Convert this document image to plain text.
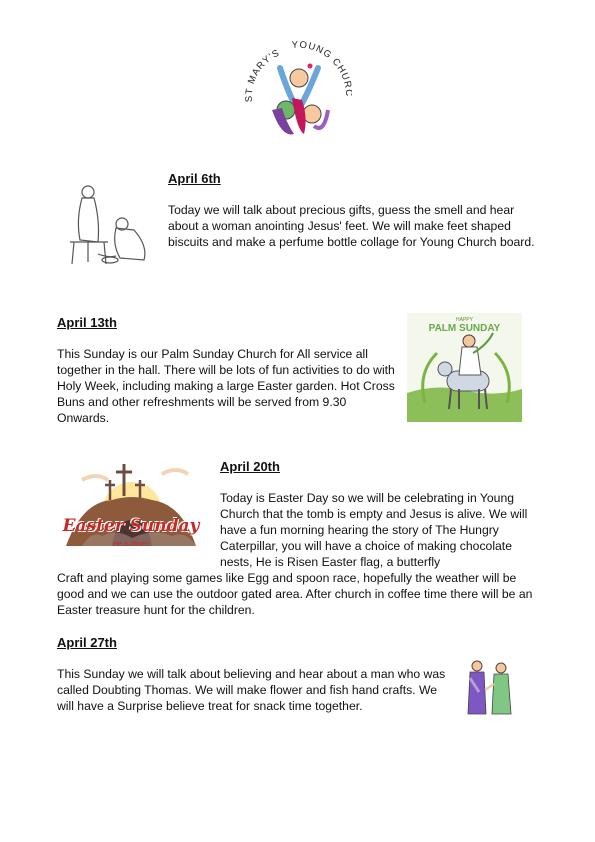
ST MARY'S
YOUNG CHU
April 6th
Today we will talk about precious gifts, guess the smell and hear about a woman anointing Jesus' feet. We will make feet shaped biscuits and make a perfume bottle collage for Young Church board.
April 13th
This Sunday is our Palm Sunday Church for All service all together in the hall. There will be lots of fun activities to do with Holy Week, including making a large Easter garden. Hot Cross Buns and other refreshments will be served from 9.30 Onwards.
HAPPY
PALM SUNDAY
Easter Sunday
He is Risen
April 20th
Today is Easter Day so we will be celebrating in Young Church that the tomb is empty and Jesus is alive. We will have a fun morning hearing the story of The Hungry Caterpillar, you will have a choice of making chocolate nests, He is Risen Easter flag, a butterfly
Craft and playing some games like Egg and spoon race, hopefully the weather will be good and we can use the outdoor gated area. After church in coffee time there will be an Easter treasure hunt for the children.
April 27th
This Sunday we will talk about believing and hear about a man who was called Doubting Thomas. We will make flower and fish hand crafts. We will have a Surprise believe treat for snack time together.
